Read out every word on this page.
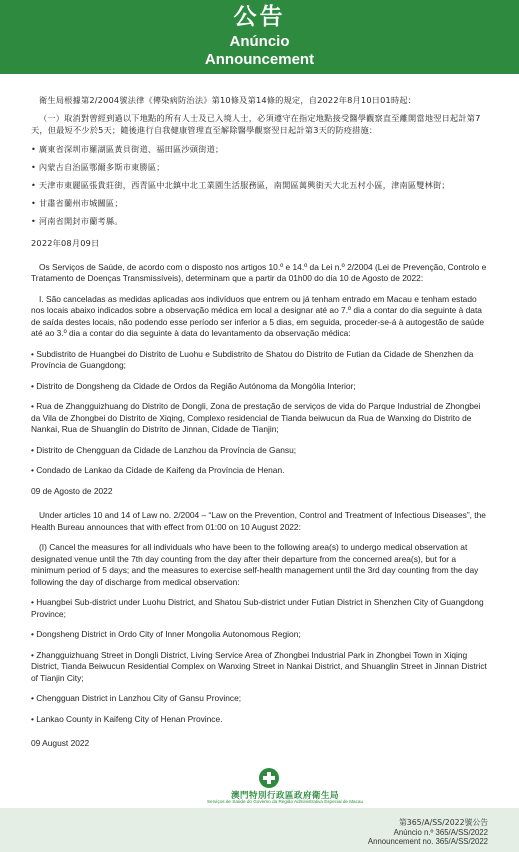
公告
Anúncio
Announcement

衛生局根據第2/2004號法律《傳染病防治法》第10條及第14條的規定，自2022年8月10日01時起：

（一）取消對曾經到過以下地點的所有人士及已入境人士，必須遵守在指定地點接受醫學觀察直至離開當地翌日起計第7天，但最短不少於5天；隨後進行自我健康管理直至解除醫學觀察翌日起計第3天的防疫措施：

• 廣東省深圳市羅湖區黃貝街道、福田區沙頭街道；

• 內蒙古自治區鄂爾多斯市東勝區；

• 天津市東麗區張貴莊街，西青區中北鎮中北工業園生活服務區，南開區萬興街天大北五村小區，津南區雙林街；

• 甘肅省蘭州市城關區；

• 河南省開封市蘭考縣。

2022年08月09日

Os Serviços de Saúde, de acordo com o disposto nos artigos 10.º e 14.º da Lei n.º 2/2004 (Lei de Prevenção, Controlo e Tratamento de Doenças Transmissíveis), determinam que a partir da 01h00 do dia 10 de Agosto de 2022:

I. São canceladas as medidas aplicadas aos indivíduos que entrem ou já tenham entrado em Macau e tenham estado nos locais abaixo indicados sobre a observação médica em local a designar até ao 7.º dia a contar do dia seguinte à data de saída destes locais, não podendo esse período ser inferior a 5 dias, em seguida, proceder-se-á à autogestão de saúde até ao 3.º dia a contar do dia seguinte à data do levantamento da observação médica:

• Subdistrito de Huangbei do Distrito de Luohu e Subdistrito de Shatou do Distrito de Futian da Cidade de Shenzhen da Província de Guangdong;

• Distrito de Dongsheng da Cidade de Ordos da Região Autónoma da Mongólia Interior;

• Rua de Zhangguizhuang do Distrito de Dongli, Zona de prestação de serviços de vida do Parque Industrial de Zhongbei da Vila de Zhongbei do Distrito de Xiqing, Complexo residencial de Tianda beiwucun da Rua de Wanxing do Distrito de Nankai, Rua de Shuanglin do Distrito de Jinnan, Cidade de Tianjin;

• Distrito de Chengguan da Cidade de Lanzhou da Província de Gansu;

• Condado de Lankao da Cidade de Kaifeng da Província de Henan.

09 de Agosto de 2022

Under articles 10 and 14 of Law no. 2/2004 – “Law on the Prevention, Control and Treatment of Infectious Diseases”, the Health Bureau announces that with effect from 01:00 on 10 August 2022:

(I) Cancel the measures for all individuals who have been to the following area(s) to undergo medical observation at designated venue until the 7th day counting from the day after their departure from the concerned area(s), but for a minimum period of 5 days; and the measures to exercise self-health management until the 3rd day counting from the day following the day of discharge from medical observation:

• Huangbei Sub-district under Luohu District, and Shatou Sub-district under Futian District in Shenzhen City of Guangdong Province;

• Dongsheng District in Ordo City of Inner Mongolia Autonomous Region;

• Zhangguizhuang Street in Dongli District, Living Service Area of Zhongbei Industrial Park in Zhongbei Town in Xiqing District, Tianda Beiwucun Residential Complex on Wanxing Street in Nankai District, and Shuanglin Street in Jinnan District of Tianjin City;

• Chengguan District in Lanzhou City of Gansu Province;

• Lankao County in Kaifeng City of Henan Province.

09 August 2022

澳門特別行政區政府衛生局
Serviços de Saúde do Governo da Região Administrativa Especial de Macau
第365/A/SS/2022號公告
Anúncio n.º 365/A/SS/2022
Announcement no. 365/A/SS/2022
